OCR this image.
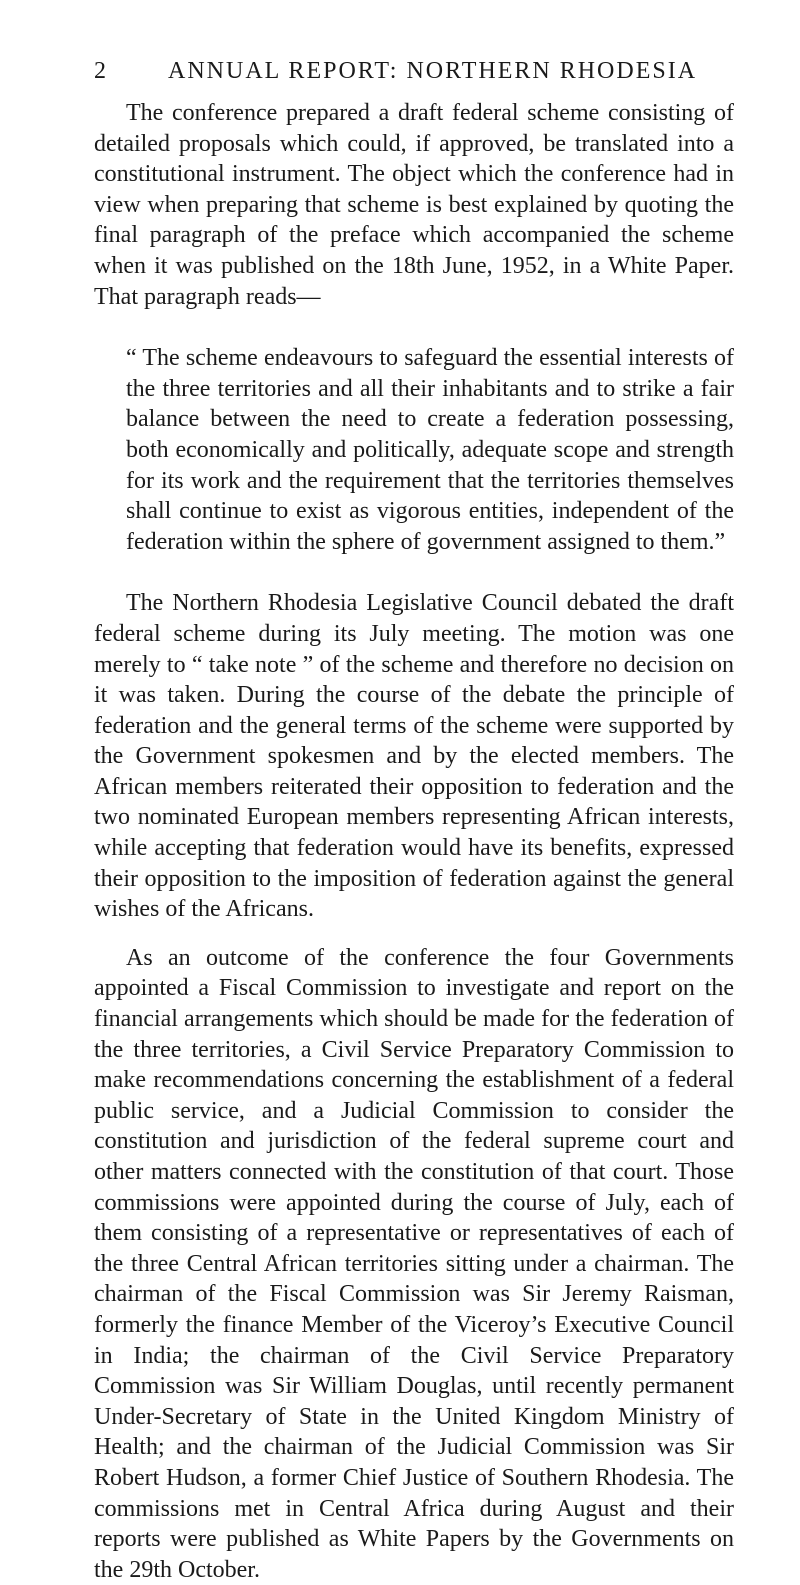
2	ANNUAL REPORT: NORTHERN RHODESIA

The conference prepared a draft federal scheme consisting of detailed proposals which could, if approved, be translated into a constitutional instrument. The object which the conference had in view when preparing that scheme is best explained by quoting the final paragraph of the preface which accompanied the scheme when it was published on the 18th June, 1952, in a White Paper. That paragraph reads—

“ The scheme endeavours to safeguard the essential interests of the three territories and all their inhabitants and to strike a fair balance between the need to create a federation possessing, both economically and politically, adequate scope and strength for its work and the requirement that the territories themselves shall continue to exist as vigorous entities, independent of the federation within the sphere of government assigned to them.”

The Northern Rhodesia Legislative Council debated the draft federal scheme during its July meeting. The motion was one merely to “ take note ” of the scheme and therefore no decision on it was taken. During the course of the debate the principle of federation and the general terms of the scheme were supported by the Government spokesmen and by the elected members. The African members reiterated their opposition to federation and the two nominated European members representing African interests, while accepting that federation would have its benefits, expressed their opposition to the imposition of federation against the general wishes of the Africans.

As an outcome of the conference the four Governments appointed a Fiscal Commission to investigate and report on the financial arrangements which should be made for the federation of the three territories, a Civil Service Preparatory Commission to make recommendations concerning the establishment of a federal public service, and a Judicial Commission to consider the constitution and jurisdiction of the federal supreme court and other matters connected with the constitution of that court. Those commissions were appointed during the course of July, each of them consisting of a representative or representatives of each of the three Central African territories sitting under a chairman. The chairman of the Fiscal Commission was Sir Jeremy Raisman, formerly the finance Member of the Viceroy’s Executive Council in India; the chairman of the Civil Service Preparatory Commission was Sir William Douglas, until recently permanent Under-Secretary of State in the United Kingdom Ministry of Health; and the chairman of the Judicial Commission was Sir Robert Hudson, a former Chief Justice of Southern Rhodesia. The commissions met in Central Africa during August and their reports were published as White Papers by the Governments on the 29th October.
